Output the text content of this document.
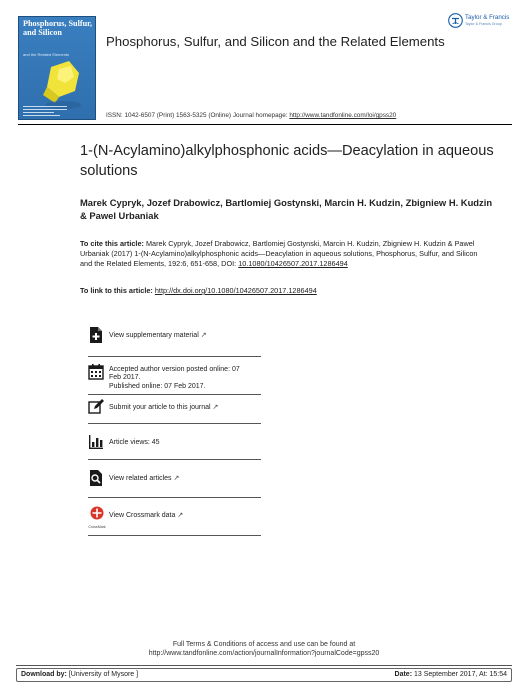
Phosphorus, Sulfur, and Silicon
and the Related Elements
Phosphorus, Sulfur, and Silicon and the Related Elements
Taylor & Francis
Taylor & Francis Group
ISSN: 1042-6507 (Print) 1563-5325 (Online) Journal homepage: http://www.tandfonline.com/loi/gpss20
1-(N-Acylamino)alkylphosphonic acids—Deacylation in aqueous solutions
Marek Cypryk, Jozef Drabowicz, Bartlomiej Gostynski, Marcin H. Kudzin, Zbigniew H. Kudzin & Pawel Urbaniak
To cite this article: Marek Cypryk, Jozef Drabowicz, Bartlomiej Gostynski, Marcin H. Kudzin, Zbigniew H. Kudzin & Pawel Urbaniak (2017) 1-(N-Acylamino)alkylphosphonic acids—Deacylation in aqueous solutions, Phosphorus, Sulfur, and Silicon and the Related Elements, 192:6, 651-658, DOI: 10.1080/10426507.2017.1286494
To link to this article: http://dx.doi.org/10.1080/10426507.2017.1286494
View supplementary material ↗
Accepted author version posted online: 07
Feb 2017.
Published online: 07 Feb 2017.
Submit your article to this journal ↗
Article views: 45
View related articles ↗
CrossMark
View Crossmark data ↗
Full Terms & Conditions of access and use can be found at
http://www.tandfonline.com/action/journalInformation?journalCode=gpss20
Download by: [University of Mysore ]	Date: 13 September 2017, At: 15:54
